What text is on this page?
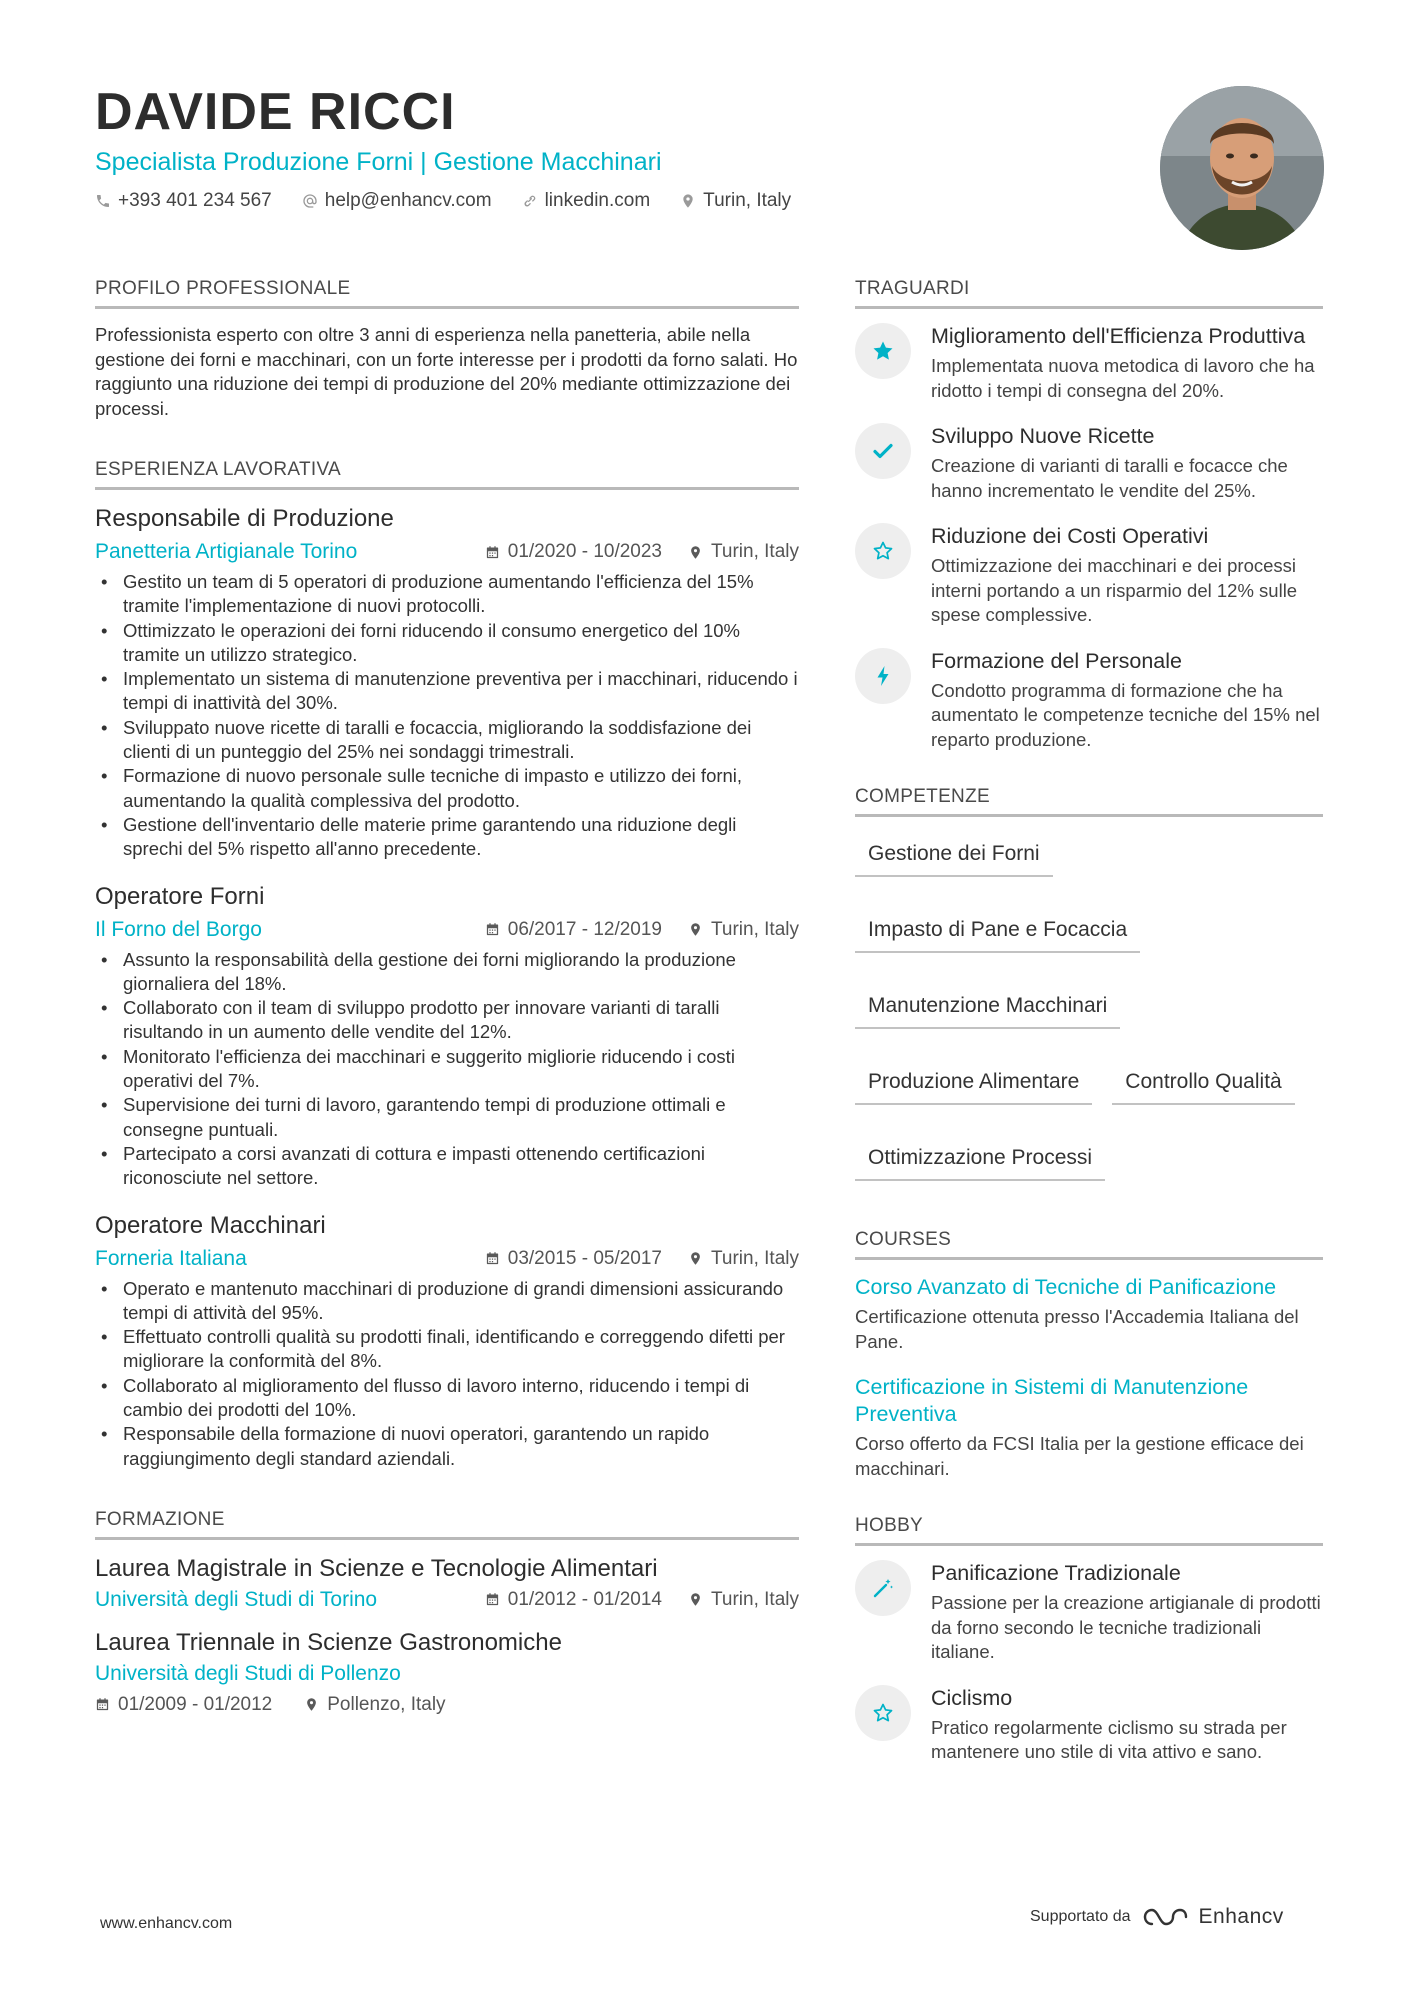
DAVIDE RICCI
Specialista Produzione Forni | Gestione Macchinari
+393 401 234 567	help@enhancv.com	linkedin.com	Turin, Italy
PROFILO PROFESSIONALE
Professionista esperto con oltre 3 anni di esperienza nella panetteria, abile nella gestione dei forni e macchinari, con un forte interesse per i prodotti da forno salati. Ho raggiunto una riduzione dei tempi di produzione del 20% mediante ottimizzazione dei processi.
ESPERIENZA LAVORATIVA
Responsabile di Produzione
Panetteria Artigianale Torino	01/2020 - 10/2023	Turin, Italy
• Gestito un team di 5 operatori di produzione aumentando l'efficienza del 15% tramite l'implementazione di nuovi protocolli.
• Ottimizzato le operazioni dei forni riducendo il consumo energetico del 10% tramite un utilizzo strategico.
• Implementato un sistema di manutenzione preventiva per i macchinari, riducendo i tempi di inattività del 30%.
• Sviluppato nuove ricette di taralli e focaccia, migliorando la soddisfazione dei clienti di un punteggio del 25% nei sondaggi trimestrali.
• Formazione di nuovo personale sulle tecniche di impasto e utilizzo dei forni, aumentando la qualità complessiva del prodotto.
• Gestione dell'inventario delle materie prime garantendo una riduzione degli sprechi del 5% rispetto all'anno precedente.
Operatore Forni
Il Forno del Borgo	06/2017 - 12/2019	Turin, Italy
• Assunto la responsabilità della gestione dei forni migliorando la produzione giornaliera del 18%.
• Collaborato con il team di sviluppo prodotto per innovare varianti di taralli risultando in un aumento delle vendite del 12%.
• Monitorato l'efficienza dei macchinari e suggerito migliorie riducendo i costi operativi del 7%.
• Supervisione dei turni di lavoro, garantendo tempi di produzione ottimali e consegne puntuali.
• Partecipato a corsi avanzati di cottura e impasti ottenendo certificazioni riconosciute nel settore.
Operatore Macchinari
Forneria Italiana	03/2015 - 05/2017	Turin, Italy
• Operato e mantenuto macchinari di produzione di grandi dimensioni assicurando tempi di attività del 95%.
• Effettuato controlli qualità su prodotti finali, identificando e correggendo difetti per migliorare la conformità del 8%.
• Collaborato al miglioramento del flusso di lavoro interno, riducendo i tempi di cambio dei prodotti del 10%.
• Responsabile della formazione di nuovi operatori, garantendo un rapido raggiungimento degli standard aziendali.
FORMAZIONE
Laurea Magistrale in Scienze e Tecnologie Alimentari
Università degli Studi di Torino	01/2012 - 01/2014	Turin, Italy
Laurea Triennale in Scienze Gastronomiche
Università degli Studi di Pollenzo
01/2009 - 01/2012	Pollenzo, Italy
TRAGUARDI
Miglioramento dell'Efficienza Produttiva
Implementata nuova metodica di lavoro che ha ridotto i tempi di consegna del 20%.
Sviluppo Nuove Ricette
Creazione di varianti di taralli e focacce che hanno incrementato le vendite del 25%.
Riduzione dei Costi Operativi
Ottimizzazione dei macchinari e dei processi interni portando a un risparmio del 12% sulle spese complessive.
Formazione del Personale
Condotto programma di formazione che ha aumentato le competenze tecniche del 15% nel reparto produzione.
COMPETENZE
Gestione dei Forni
Impasto di Pane e Focaccia
Manutenzione Macchinari
Produzione Alimentare	Controllo Qualità
Ottimizzazione Processi
COURSES
Corso Avanzato di Tecniche di Panificazione
Certificazione ottenuta presso l'Accademia Italiana del Pane.
Certificazione in Sistemi di Manutenzione Preventiva
Corso offerto da FCSI Italia per la gestione efficace dei macchinari.
HOBBY
Panificazione Tradizionale
Passione per la creazione artigianale di prodotti da forno secondo le tecniche tradizionali italiane.
Ciclismo
Pratico regolarmente ciclismo su strada per mantenere uno stile di vita attivo e sano.
www.enhancv.com	Supportato da	Enhancv
